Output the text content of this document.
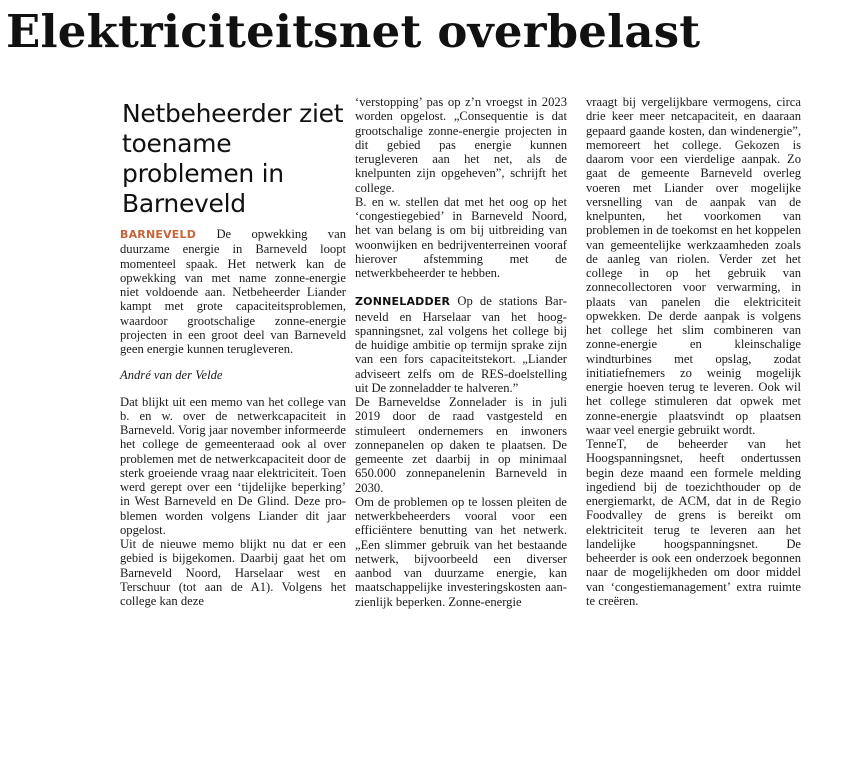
Elektriciteitsnet overbelast
Netbeheerder ziet toename problemen in Barneveld

BARNEVELD De opwekking van duurzame energie in Barneveld loopt momenteel spaak. Het netwerk kan de opwekking van met name zonne-energie niet voldoende aan. Netbeheerder Liander kampt met grote capaciteitsproblemen, waardoor grootschalige zonne-energie projecten in een groot deel van Barneveld geen energie kunnen terugleveren.

André van der Velde

Dat blijkt uit een memo van het college van b. en w. over de netwerkcapaciteit in Barneveld. Vorig jaar november informeerde het college de gemeenteraad ook al over problemen met de netwerkcapaciteit door de sterk groeiende vraag naar elektriciteit. Toen werd gerept over een ‘tijdelijke beperking’ in West Barneveld en De Glind. Deze problemen worden volgens Liander dit jaar opgelost.

Uit de nieuwe memo blijkt nu dat er een gebied is bijgekomen. Daarbij gaat het om Barneveld Noord, Harselaar west en Terschuur (tot aan de A1). Volgens het college kan deze

‘verstopping’ pas op z’n vroegst in 2023 worden opgelost. „Consequentie is dat grootschalige zonne-energie projecten in dit gebied pas energie kunnen terugleveren aan het net, als de knelpunten zijn opgeheven”, schrijft het college.

B. en w. stellen dat met het oog op het ‘congestiegebied’ in Barneveld Noord, het van belang is om bij uitbreiding van woonwijken en bedrijventerreinen vooraf hierover afstemming met de netwerkbeheerder te hebben.

ZONNELADDER Op de stations Barneveld en Harselaar van het hoogspanningsnet, zal volgens het college bij de huidige ambitie op termijn sprake zijn van een fors capaciteitstekort. „Liander adviseert zelfs om de RES-doelstelling uit De zonneladder te halveren.”

De Barneveldse Zonnelader is in juli 2019 door de raad vastgesteld en stimuleert ondernemers en inwoners zonnepanelen op daken te plaatsen. De gemeente zet daarbij in op minimaal 650.000 zonnepanelenin Barneveld in 2030.

Om de problemen op te lossen pleiten de netwerkbeheerders vooral voor een efficiëntere benutting van het netwerk. „Een slimmer gebruik van het bestaande netwerk, bijvoorbeeld een diverser aanbod van duurzame energie, kan maatschappelijke investeringskosten aanzienlijk beperken. Zonne-energie

vraagt bij vergelijkbare vermogens, circa drie keer meer netcapaciteit, en daaraan gepaard gaande kosten, dan windenergie”, memoreert het college. Gekozen is daarom voor een vierdelige aanpak. Zo gaat de gemeente Barneveld overleg voeren met Liander over mogelijke versnelling van de aanpak van de knelpunten, het voorkomen van problemen in de toekomst en het koppelen van gemeentelijke werkzaamheden zoals de aanleg van riolen. Verder zet het college in op het gebruik van zonnecollectoren voor verwarming, in plaats van panelen die elektriciteit opwekken. De derde aanpak is volgens het college het slim combineren van zonne-energie en kleinschalige windturbines met opslag, zodat initiatiefnemers zo weinig mogelijk energie hoeven terug te leveren. Ook wil het college stimuleren dat opwek met zonne-energie plaatsvindt op plaatsen waar veel energie gebruikt wordt.

TenneT, de beheerder van het Hoogspanningsnet, heeft ondertussen begin deze maand een formele melding ingediend bij de toezichthouder op de energiemarkt, de ACM, dat in de Regio Foodvalley de grens is bereikt om elektriciteit terug te leveren aan het landelijke hoogspanningsnet. De beheerder is ook een onderzoek begonnen naar de mogelijkheden om door middel van ‘congestiemanagement’ extra ruimte te creëren.
